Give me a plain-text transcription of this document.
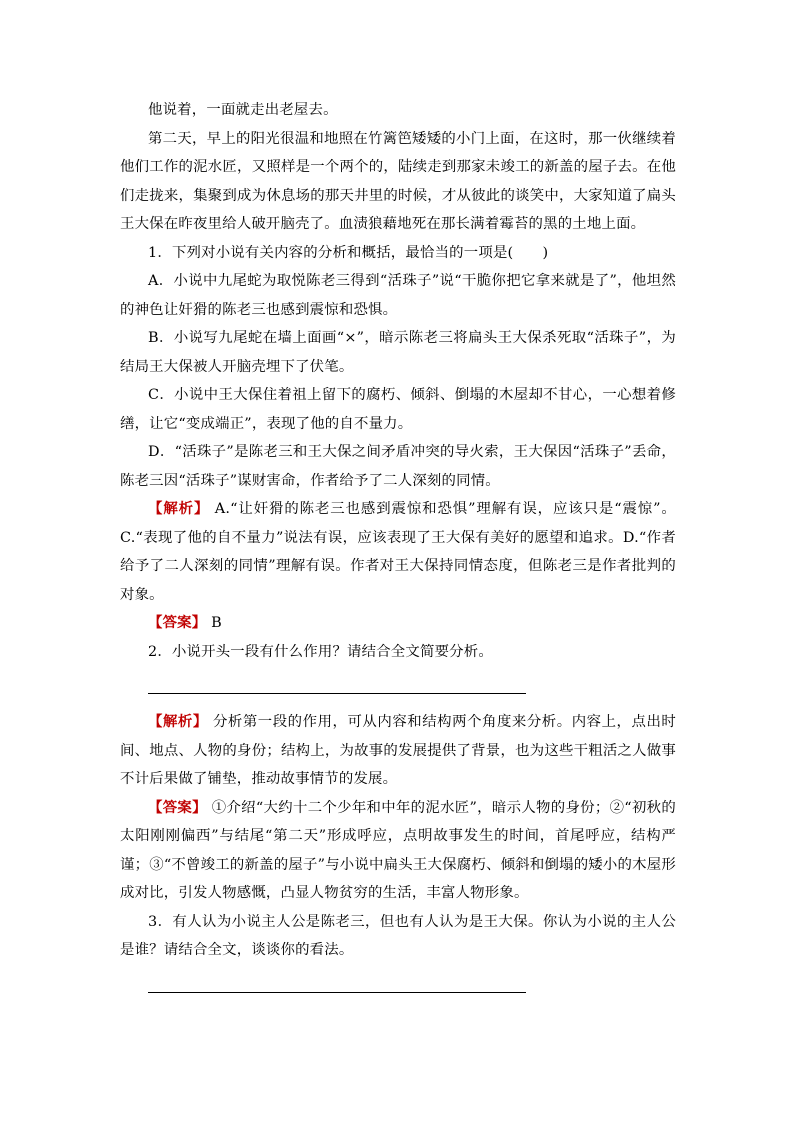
他说着，一面就走出老屋去。

第二天，早上的阳光很温和地照在竹篱笆矮矮的小门上面，在这时，那一伙继续着他们工作的泥水匠，又照样是一个两个的，陆续走到那家未竣工的新盖的屋子去。在他们走拢来，集聚到成为休息场的那天井里的时候，才从彼此的谈笑中，大家知道了扁头王大保在昨夜里给人破开脑壳了。血渍狼藉地死在那长满着霉苔的黑的土地上面。

1．下列对小说有关内容的分析和概括，最恰当的一项是(　　)

A．小说中九尾蛇为取悦陈老三得到“活珠子”说“干脆你把它拿来就是了”，他坦然的神色让奸猾的陈老三也感到震惊和恐惧。

B．小说写九尾蛇在墙上面画“×”，暗示陈老三将扁头王大保杀死取“活珠子”，为结局王大保被人开脑壳埋下了伏笔。

C．小说中王大保住着祖上留下的腐朽、倾斜、倒塌的木屋却不甘心，一心想着修缮，让它“变成端正”，表现了他的自不量力。

D．“活珠子”是陈老三和王大保之间矛盾冲突的导火索，王大保因“活珠子”丢命，陈老三因“活珠子”谋财害命，作者给予了二人深刻的同情。

【解析】 A.“让奸猾的陈老三也感到震惊和恐惧”理解有误，应该只是“震惊”。C.“表现了他的自不量力”说法有误，应该表现了王大保有美好的愿望和追求。D.“作者给予了二人深刻的同情”理解有误。作者对王大保持同情态度，但陈老三是作者批判的对象。

【答案】 B

2．小说开头一段有什么作用？请结合全文简要分析。

【解析】 分析第一段的作用，可从内容和结构两个角度来分析。内容上，点出时间、地点、人物的身份；结构上，为故事的发展提供了背景，也为这些干粗活之人做事不计后果做了铺垫，推动故事情节的发展。

【答案】 ①介绍“大约十二个少年和中年的泥水匠”，暗示人物的身份；②“初秋的太阳刚刚偏西”与结尾“第二天”形成呼应，点明故事发生的时间，首尾呼应，结构严谨；③“不曾竣工的新盖的屋子”与小说中扁头王大保腐朽、倾斜和倒塌的矮小的木屋形成对比，引发人物感慨，凸显人物贫穷的生活，丰富人物形象。

3．有人认为小说主人公是陈老三，但也有人认为是王大保。你认为小说的主人公是谁？请结合全文，谈谈你的看法。
